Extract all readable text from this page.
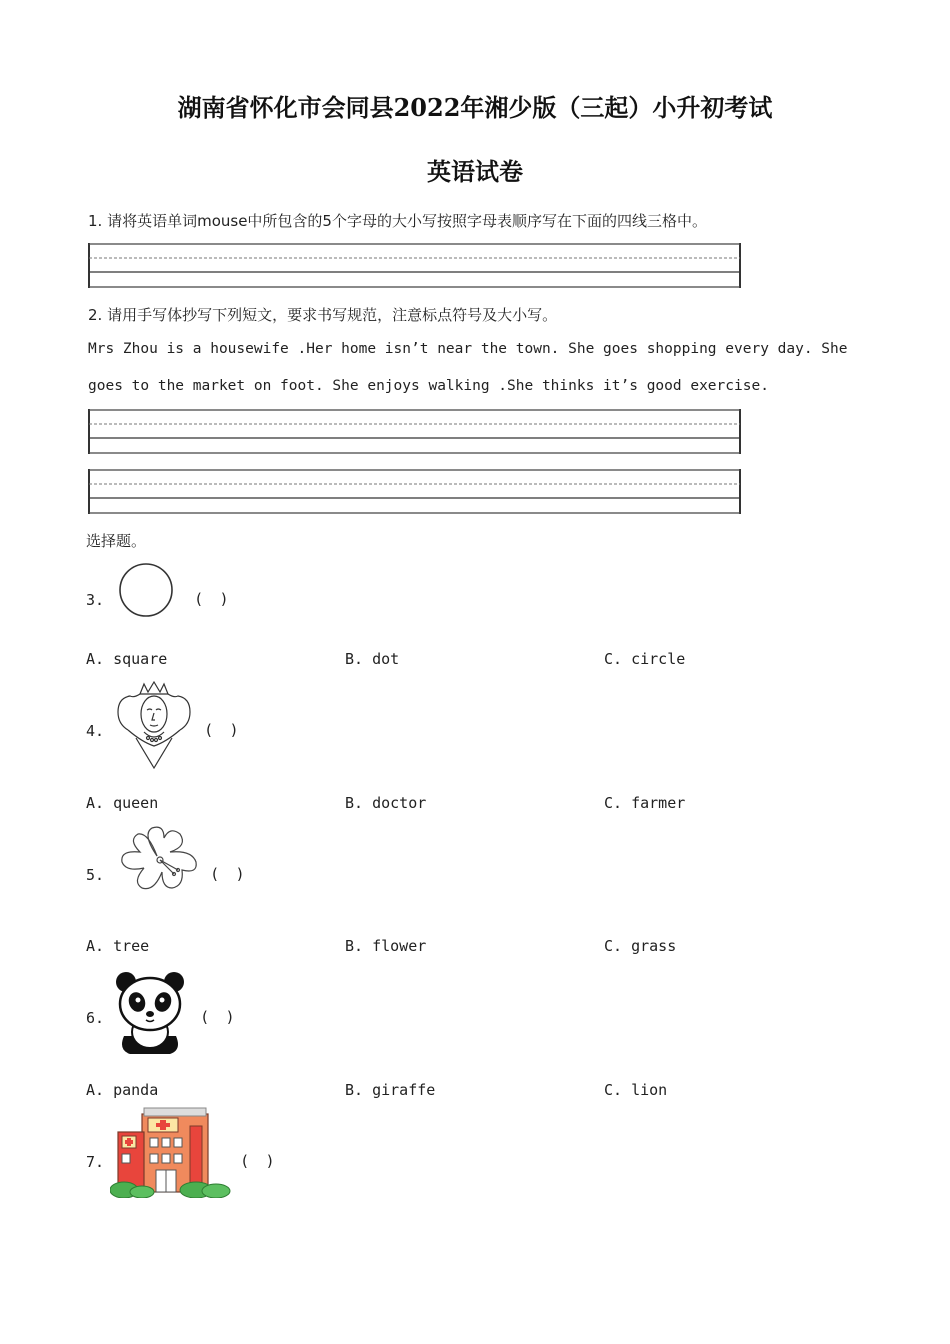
湖南省怀化市会同县2022年湘少版（三起）小升初考试
英语试卷
1. 请将英语单词mouse中所包含的5个字母的大小写按照字母表顺序写在下面的四线三格中。
2. 请用手写体抄写下列短文，要求书写规范，注意标点符号及大小写。
Mrs Zhou is a housewife .Her home isn’t near the town. She goes shopping every day. She
goes to the market on foot. She enjoys walking .She thinks it’s good exercise.
选择题。
3.	(    )
A. square	B. dot	C. circle
4.	(    )
A. queen	B. doctor	C. farmer
5.	(    )
A. tree	B. flower	C. grass
6.	(    )
A. panda	B. giraffe	C. lion
7.	(    )
